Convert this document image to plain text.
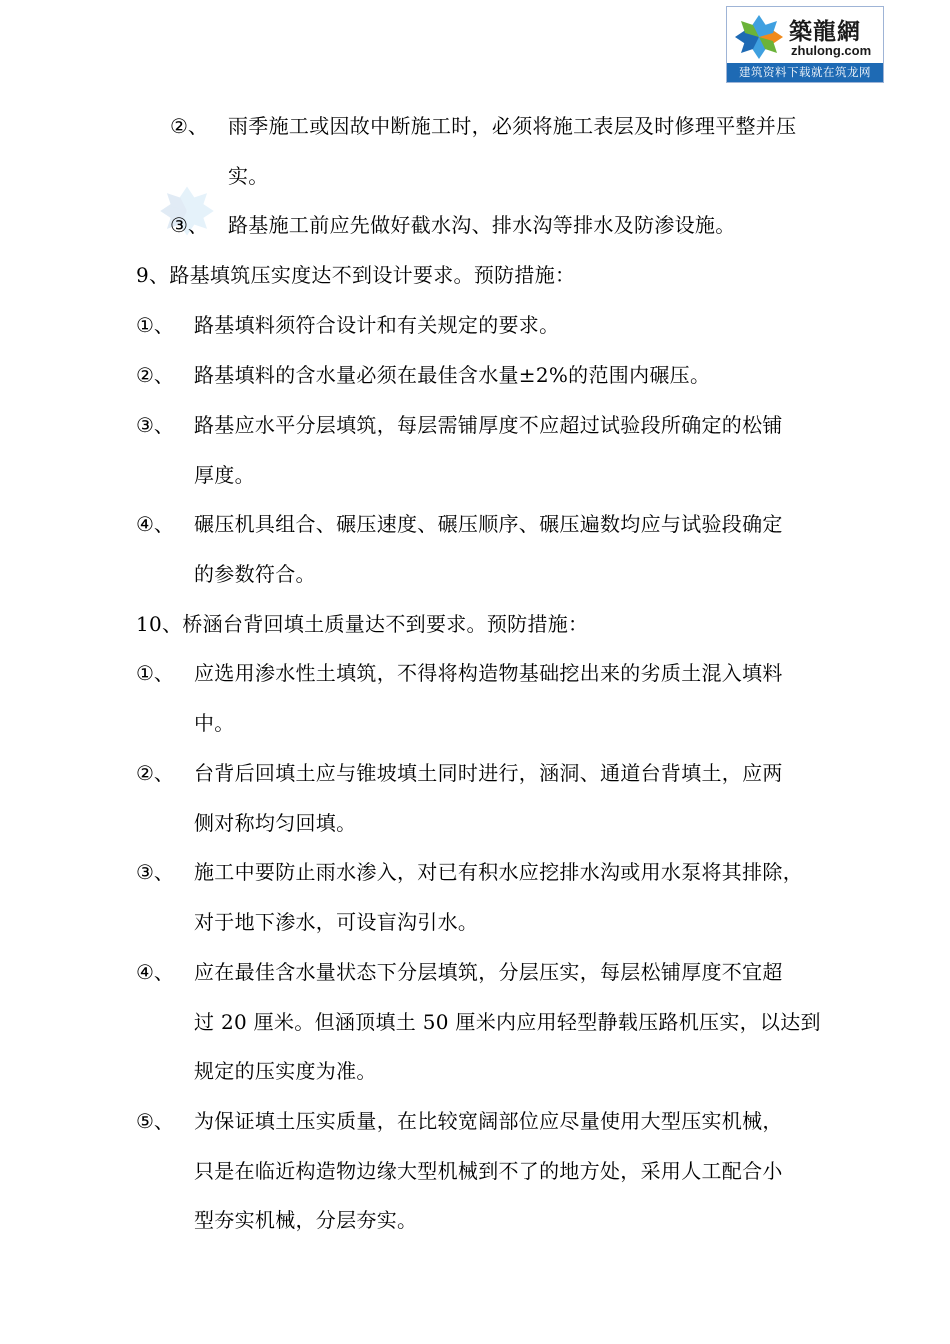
築龍網
zhulong.com
建筑资料下载就在筑龙网
②、 雨季施工或因故中断施工时，必须将施工表层及时修理平整并压
实。
③、 路基施工前应先做好截水沟、排水沟等排水及防渗设施。
9、路基填筑压实度达不到设计要求。预防措施：
①、 路基填料须符合设计和有关规定的要求。
②、 路基填料的含水量必须在最佳含水量±2%的范围内碾压。
③、 路基应水平分层填筑，每层需铺厚度不应超过试验段所确定的松铺
厚度。
④、 碾压机具组合、碾压速度、碾压顺序、碾压遍数均应与试验段确定
的参数符合。
10、桥涵台背回填土质量达不到要求。预防措施：
①、 应选用渗水性土填筑，不得将构造物基础挖出来的劣质土混入填料
中。
②、 台背后回填土应与锥坡填土同时进行，涵洞、通道台背填土，应两
侧对称均匀回填。
③、 施工中要防止雨水渗入，对已有积水应挖排水沟或用水泵将其排除，
对于地下渗水，可设盲沟引水。
④、 应在最佳含水量状态下分层填筑，分层压实，每层松铺厚度不宜超
过 20 厘米。但涵顶填土 50 厘米内应用轻型静载压路机压实，以达到
规定的压实度为准。
⑤、 为保证填土压实质量，在比较宽阔部位应尽量使用大型压实机械，
只是在临近构造物边缘大型机械到不了的地方处，采用人工配合小
型夯实机械，分层夯实。
